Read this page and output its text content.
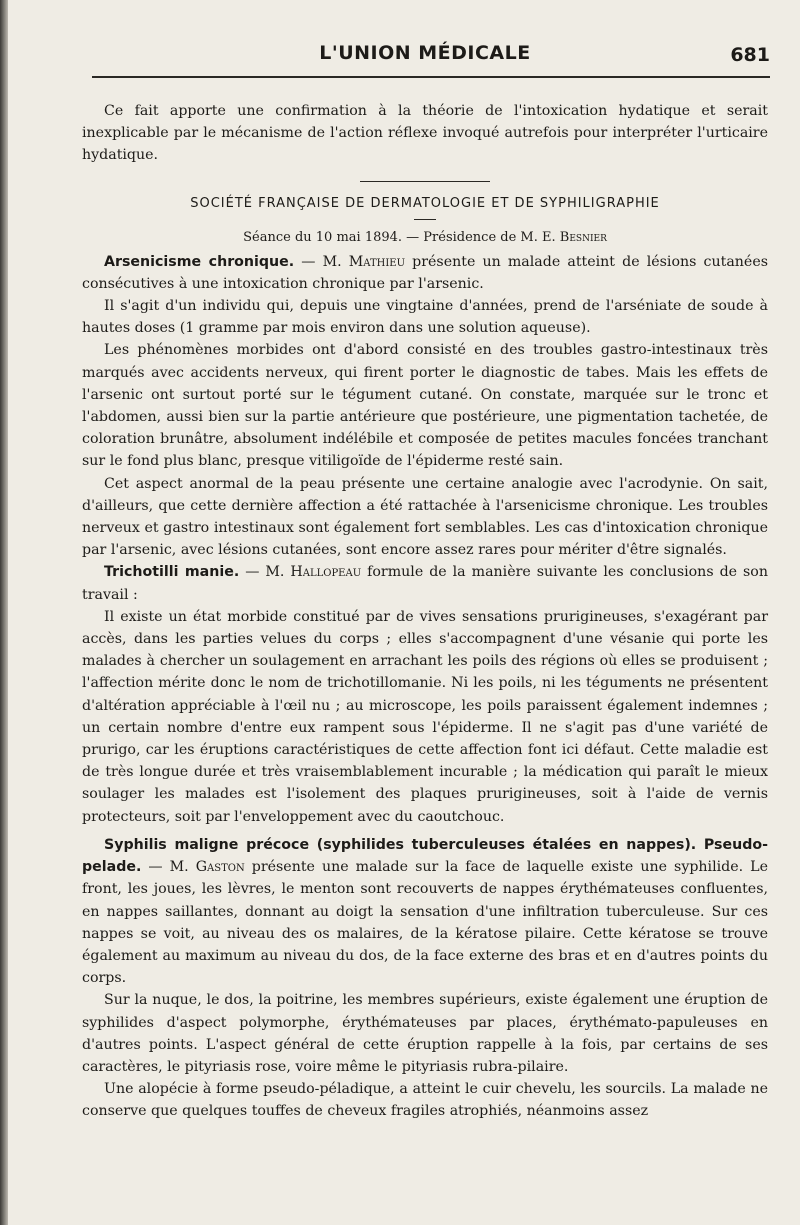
L'UNION MÉDICALE	681

Ce fait apporte une confirmation à la théorie de l'intoxication hydatique et serait inexplicable par le mécanisme de l'action réflexe invoqué autrefois pour interpréter l'urticaire hydatique.

SOCIÉTÉ FRANÇAISE DE DERMATOLOGIE ET DE SYPHILIGRAPHIE
Séance du 10 mai 1894. — Présidence de M. E. Besnier

Arsenicisme chronique. — M. Mathieu présente un malade atteint de lésions cutanées consécutives à une intoxication chronique par l'arsenic.

Il s'agit d'un individu qui, depuis une vingtaine d'années, prend de l'arséniate de soude à hautes doses (1 gramme par mois environ dans une solution aqueuse).

Les phénomènes morbides ont d'abord consisté en des troubles gastro-intestinaux très marqués avec accidents nerveux, qui firent porter le diagnostic de tabes. Mais les effets de l'arsenic ont surtout porté sur le tégument cutané. On constate, marquée sur le tronc et l'abdomen, aussi bien sur la partie antérieure que postérieure, une pigmentation tachetée, de coloration brunâtre, absolument indélébile et composée de petites macules foncées tranchant sur le fond plus blanc, presque vitiligoïde de l'épiderme resté sain.

Cet aspect anormal de la peau présente une certaine analogie avec l'acrodynie. On sait, d'ailleurs, que cette dernière affection a été rattachée à l'arsenicisme chronique. Les troubles nerveux et gastro intestinaux sont également fort semblables. Les cas d'intoxication chronique par l'arsenic, avec lésions cutanées, sont encore assez rares pour mériter d'être signalés.

Trichotilli manie. — M. Hallopeau formule de la manière suivante les conclusions de son travail :

Il existe un état morbide constitué par de vives sensations prurigineuses, s'exagérant par accès, dans les parties velues du corps ; elles s'accompagnent d'une vésanie qui porte les malades à chercher un soulagement en arrachant les poils des régions où elles se produisent ; l'affection mérite donc le nom de trichotillomanie. Ni les poils, ni les téguments ne présentent d'altération appréciable à l'œil nu ; au microscope, les poils paraissent également indemnes ; un certain nombre d'entre eux rampent sous l'épiderme. Il ne s'agit pas d'une variété de prurigo, car les éruptions caractéristiques de cette affection font ici défaut. Cette maladie est de très longue durée et très vraisemblablement incurable ; la médication qui paraît le mieux soulager les malades est l'isolement des plaques prurigineuses, soit à l'aide de vernis protecteurs, soit par l'enveloppement avec du caoutchouc.

Syphilis maligne précoce (syphilides tuberculeuses étalées en nappes). Pseudo-pelade. — M. Gaston présente une malade sur la face de laquelle existe une syphilide. Le front, les joues, les lèvres, le menton sont recouverts de nappes érythémateuses confluentes, en nappes saillantes, donnant au doigt la sensation d'une infiltration tuberculeuse. Sur ces nappes se voit, au niveau des os malaires, de la kératose pilaire. Cette kératose se trouve également au maximum au niveau du dos, de la face externe des bras et en d'autres points du corps.

Sur la nuque, le dos, la poitrine, les membres supérieurs, existe également une éruption de syphilides d'aspect polymorphe, érythémateuses par places, érythémato-papuleuses en d'autres points. L'aspect général de cette éruption rappelle à la fois, par certains de ses caractères, le pityriasis rose, voire même le pityriasis rubra-pilaire.

Une alopécie à forme pseudo-péladique, a atteint le cuir chevelu, les sourcils. La malade ne conserve que quelques touffes de cheveux fragiles atrophiés, néanmoins assez
